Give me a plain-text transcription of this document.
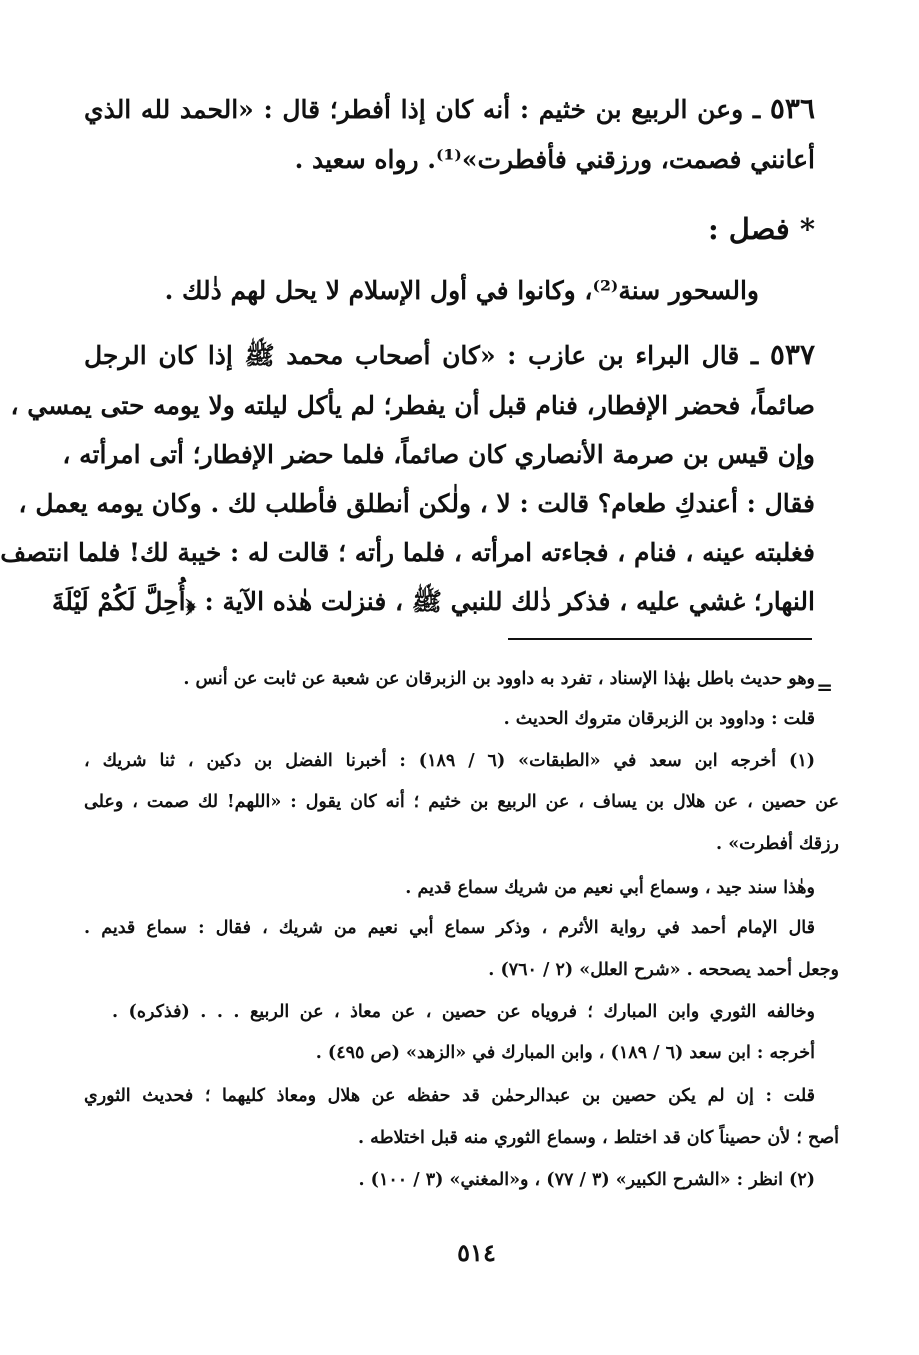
٥٣٦ ـ وعن الربيع بن خثيم : أنه كان إذا أفطر؛ قال : «الحمد لله الذي
أعانني فصمت، ورزقني فأفطرت»⁽¹⁾. رواه سعيد .
* فصل :
والسحور سنة⁽²⁾، وكانوا في أول الإسلام لا يحل لهم ذٰلك .
٥٣٧ ـ قال البراء بن عازب : «كان أصحاب محمد ﷺ إذا كان الرجل
صائماً، فحضر الإفطار، فنام قبل أن يفطر؛ لم يأكل ليلته ولا يومه حتى يمسي ،
وإن قيس بن صرمة الأنصاري كان صائماً، فلما حضر الإفطار؛ أتى امرأته ،
فقال : أعندكِ طعام؟ قالت : لا ، ولٰكن أنطلق فأطلب لك . وكان يومه يعمل ،
فغلبته عينه ، فنام ، فجاءته امرأته ، فلما رأته ؛ قالت له : خيبة لك! فلما انتصف
النهار؛ غشي عليه ، فذكر ذٰلك للنبي ﷺ ، فنزلت هٰذه الآية : ﴿أُحِلَّ لَكُمْ لَيْلَةَ
=
وهو حديث باطل بهٰذا الإسناد ، تفرد به داوود بن الزبرقان عن شعبة عن ثابت عن أنس .
قلت : وداوود بن الزبرقان متروك الحديث .
(١) أخرجه ابن سعد في «الطبقات» (٦ / ١٨٩) : أخبرنا الفضل بن دكين ، ثنا شريك ،
عن حصين ، عن هلال بن يساف ، عن الربيع بن خثيم ؛ أنه كان يقول : «اللهم! لك صمت ، وعلى
رزقك أفطرت» .
وهٰذا سند جيد ، وسماع أبي نعيم من شريك سماع قديم .
قال الإمام أحمد في رواية الأثرم ، وذكر سماع أبي نعيم من شريك ، فقال : سماع قديم .
وجعل أحمد يصححه . «شرح العلل» (٢ / ٧٦٠) .
وخالفه الثوري وابن المبارك ؛ فروياه عن حصين ، عن معاذ ، عن الربيع . . . (فذكره) .
أخرجه : ابن سعد (٦ / ١٨٩) ، وابن المبارك في «الزهد» (ص ٤٩٥) .
قلت : إن لم يكن حصين بن عبدالرحمٰن قد حفظه عن هلال ومعاذ كليهما ؛ فحديث الثوري
أصح ؛ لأن حصيناً كان قد اختلط ، وسماع الثوري منه قبل اختلاطه .
(٢) انظر : «الشرح الكبير» (٣ / ٧٧) ، و«المغني» (٣ / ١٠٠) .
٥١٤
